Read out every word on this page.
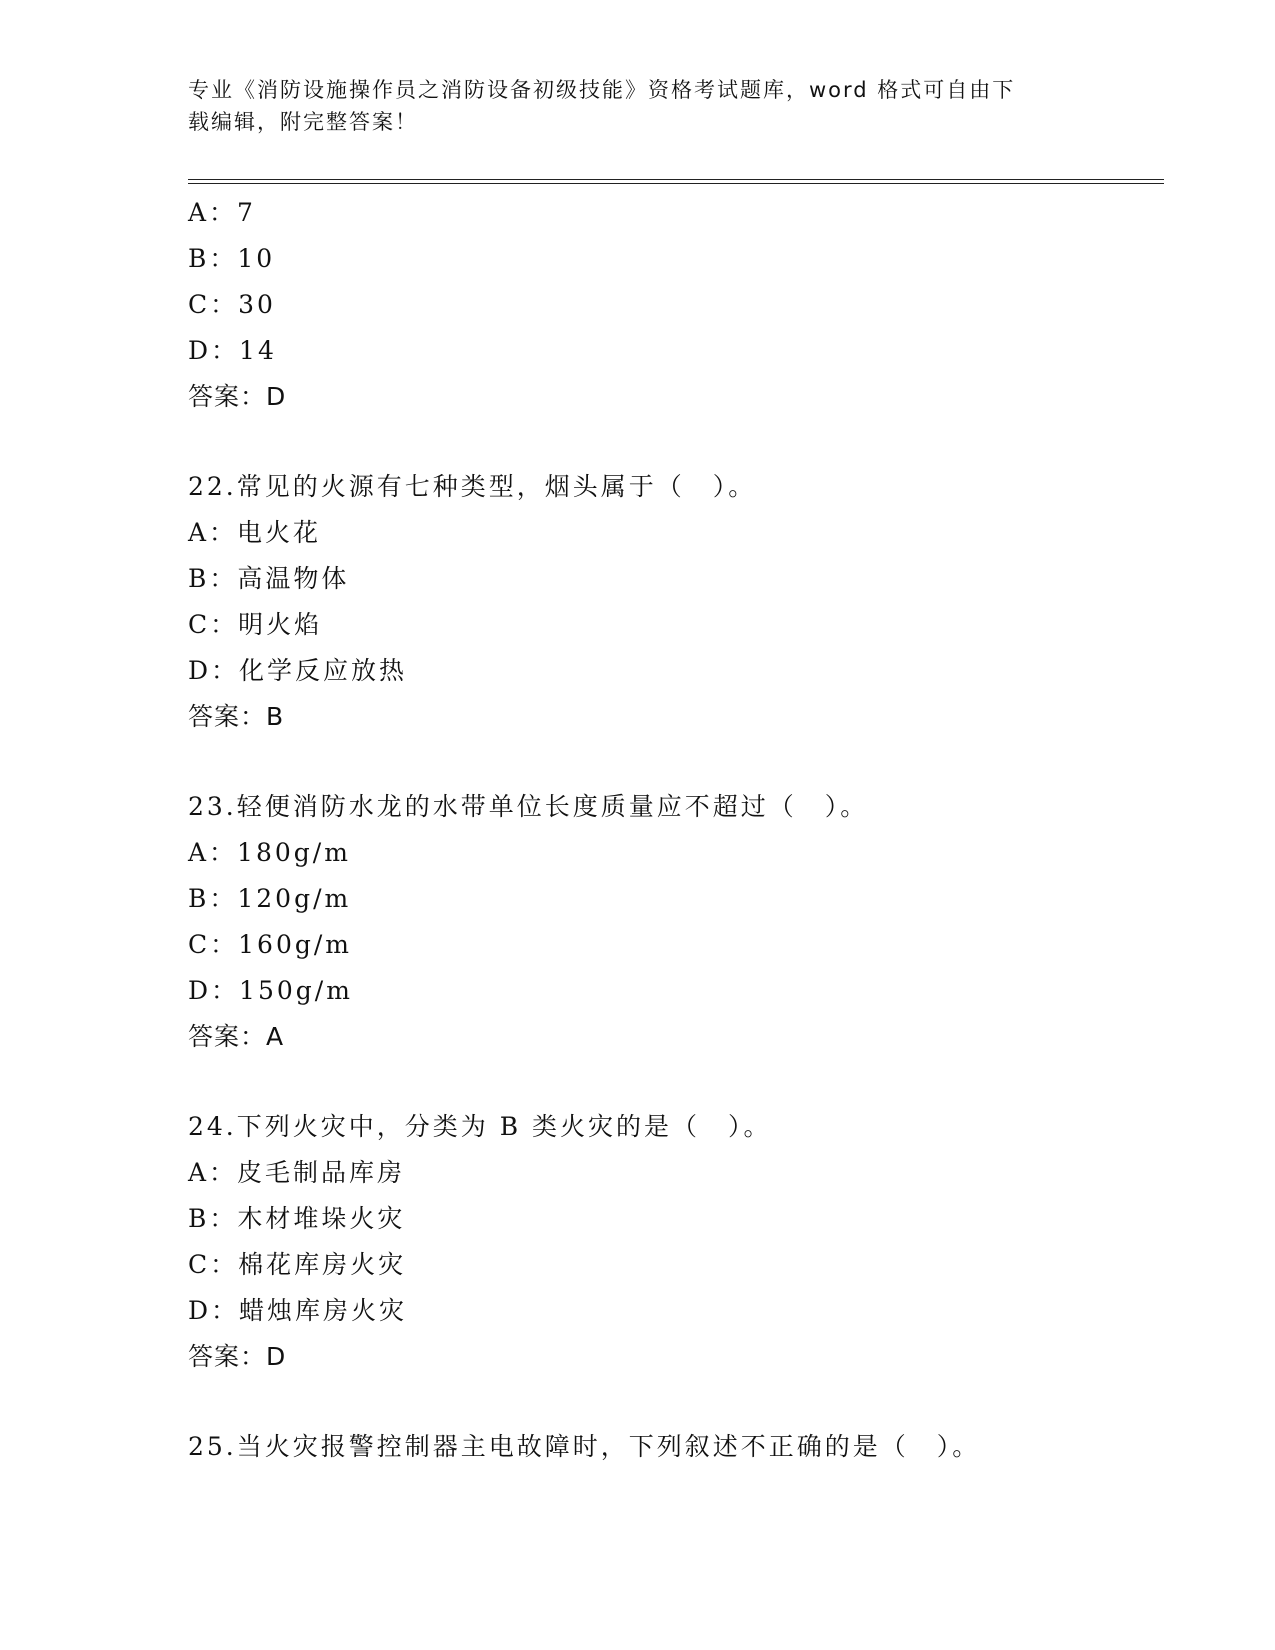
专业《消防设施操作员之消防设备初级技能》资格考试题库，word 格式可自由下
载编辑，附完整答案！
A：7
B：10
C：30
D：14
答案：D
22.常见的火源有七种类型，烟头属于（　）。
A：电火花
B：高温物体
C：明火焰
D：化学反应放热
答案：B
23.轻便消防水龙的水带单位长度质量应不超过（　）。
A：180g/m
B：120g/m
C：160g/m
D：150g/m
答案：A
24.下列火灾中，分类为 B 类火灾的是（　）。
A：皮毛制品库房
B：木材堆垛火灾
C：棉花库房火灾
D：蜡烛库房火灾
答案：D
25.当火灾报警控制器主电故障时，下列叙述不正确的是（　）。
